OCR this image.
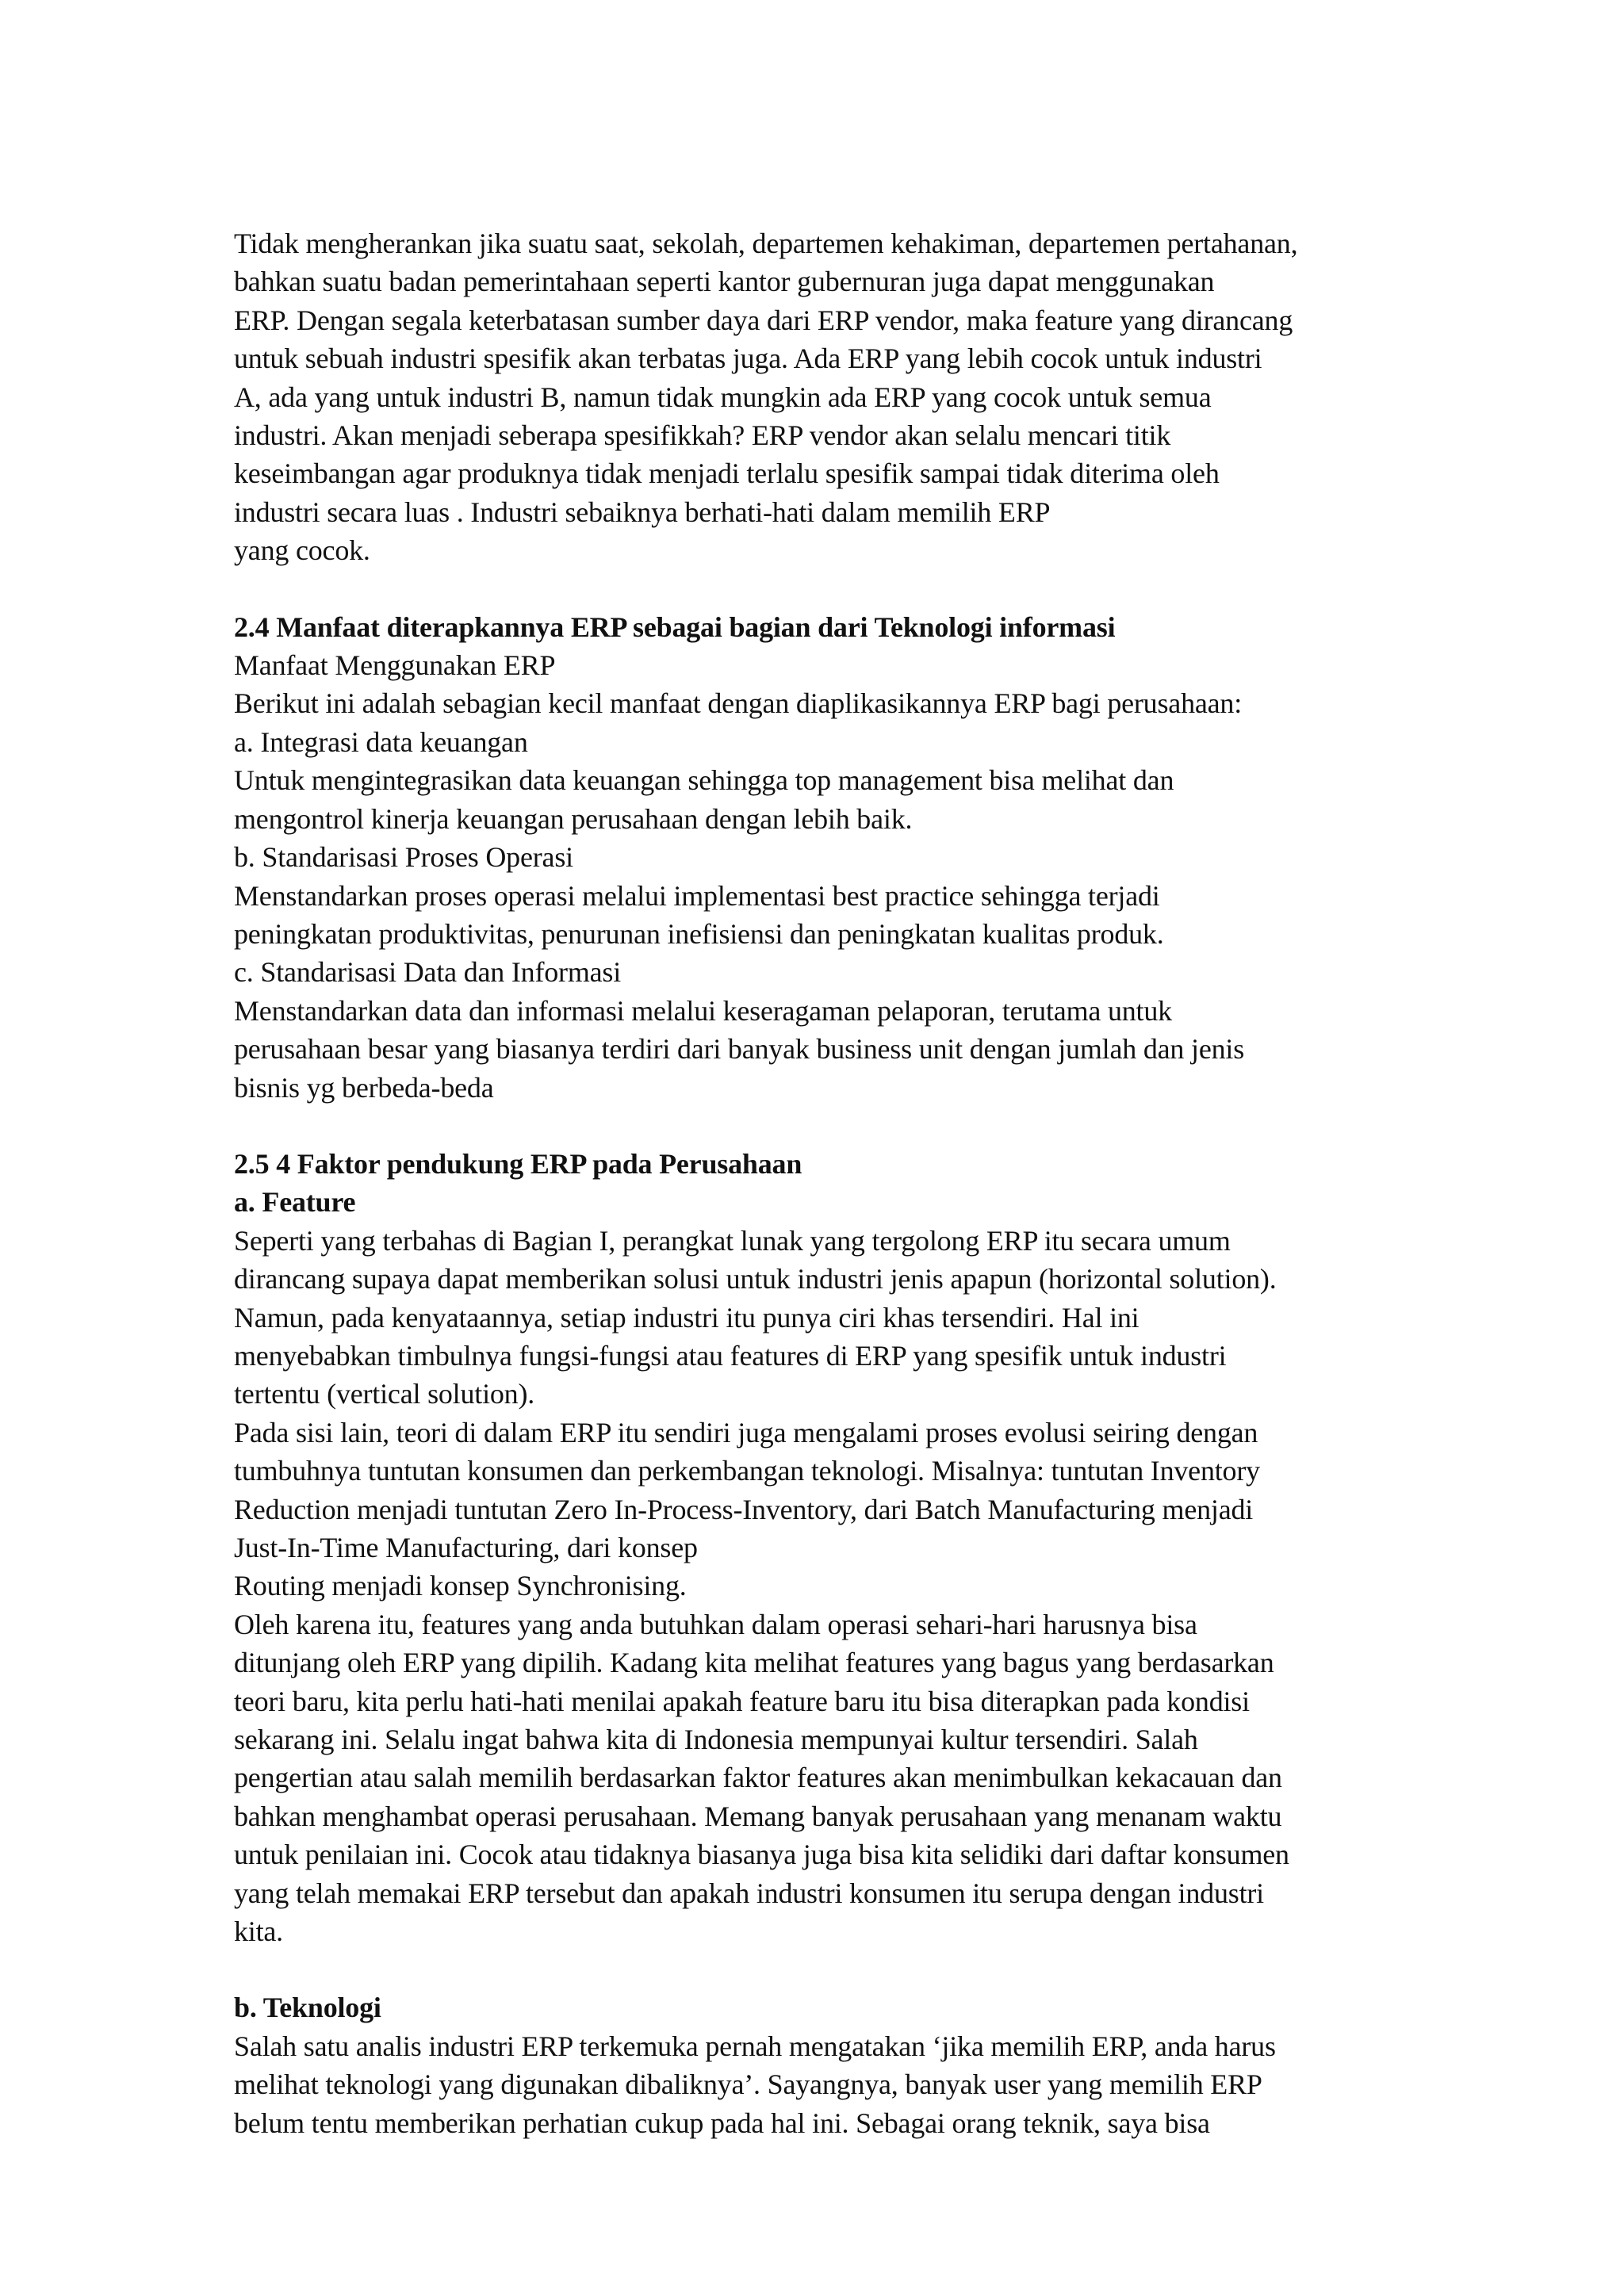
Tidak mengherankan jika suatu saat, sekolah, departemen kehakiman, departemen pertahanan,
bahkan suatu badan pemerintahaan seperti kantor gubernuran juga dapat menggunakan
ERP. Dengan segala keterbatasan sumber daya dari ERP vendor, maka feature yang dirancang
untuk sebuah industri spesifik akan terbatas juga. Ada ERP yang lebih cocok untuk industri
A, ada yang untuk industri B, namun tidak mungkin ada ERP yang cocok untuk semua
industri. Akan menjadi seberapa spesifikkah? ERP vendor akan selalu mencari titik
keseimbangan agar produknya tidak menjadi terlalu spesifik sampai tidak diterima oleh
industri secara luas . Industri sebaiknya berhati-hati dalam memilih ERP
yang cocok.
2.4 Manfaat diterapkannya ERP sebagai bagian dari Teknologi informasi
Manfaat Menggunakan ERP
Berikut ini adalah sebagian kecil manfaat dengan diaplikasikannya ERP bagi perusahaan:
a. Integrasi data keuangan
Untuk mengintegrasikan data keuangan sehingga top management bisa melihat dan
mengontrol kinerja keuangan perusahaan dengan lebih baik.
b. Standarisasi Proses Operasi
Menstandarkan proses operasi melalui implementasi best practice sehingga terjadi
peningkatan produktivitas, penurunan inefisiensi dan peningkatan kualitas produk.
c. Standarisasi Data dan Informasi
Menstandarkan data dan informasi melalui keseragaman pelaporan, terutama untuk
perusahaan besar yang biasanya terdiri dari banyak business unit dengan jumlah dan jenis
bisnis yg berbeda-beda
2.5 4 Faktor pendukung ERP pada Perusahaan
a. Feature
Seperti yang terbahas di Bagian I, perangkat lunak yang tergolong ERP itu secara umum
dirancang supaya dapat memberikan solusi untuk industri jenis apapun (horizontal solution).
Namun, pada kenyataannya, setiap industri itu punya ciri khas tersendiri. Hal ini
menyebabkan timbulnya fungsi-fungsi atau features di ERP yang spesifik untuk industri
tertentu (vertical solution).
Pada sisi lain, teori di dalam ERP itu sendiri juga mengalami proses evolusi seiring dengan
tumbuhnya tuntutan konsumen dan perkembangan teknologi. Misalnya: tuntutan Inventory
Reduction menjadi tuntutan Zero In-Process-Inventory, dari Batch Manufacturing menjadi
Just-In-Time Manufacturing, dari konsep
Routing menjadi konsep Synchronising.
Oleh karena itu, features yang anda butuhkan dalam operasi sehari-hari harusnya bisa
ditunjang oleh ERP yang dipilih. Kadang kita melihat features yang bagus yang berdasarkan
teori baru, kita perlu hati-hati menilai apakah feature baru itu bisa diterapkan pada kondisi
sekarang ini. Selalu ingat bahwa kita di Indonesia mempunyai kultur tersendiri. Salah
pengertian atau salah memilih berdasarkan faktor features akan menimbulkan kekacauan dan
bahkan menghambat operasi perusahaan. Memang banyak perusahaan yang menanam waktu
untuk penilaian ini. Cocok atau tidaknya biasanya juga bisa kita selidiki dari daftar konsumen
yang telah memakai ERP tersebut dan apakah industri konsumen itu serupa dengan industri
kita.
b. Teknologi
Salah satu analis industri ERP terkemuka pernah mengatakan ‘jika memilih ERP, anda harus
melihat teknologi yang digunakan dibaliknya’. Sayangnya, banyak user yang memilih ERP
belum tentu memberikan perhatian cukup pada hal ini. Sebagai orang teknik, saya bisa
